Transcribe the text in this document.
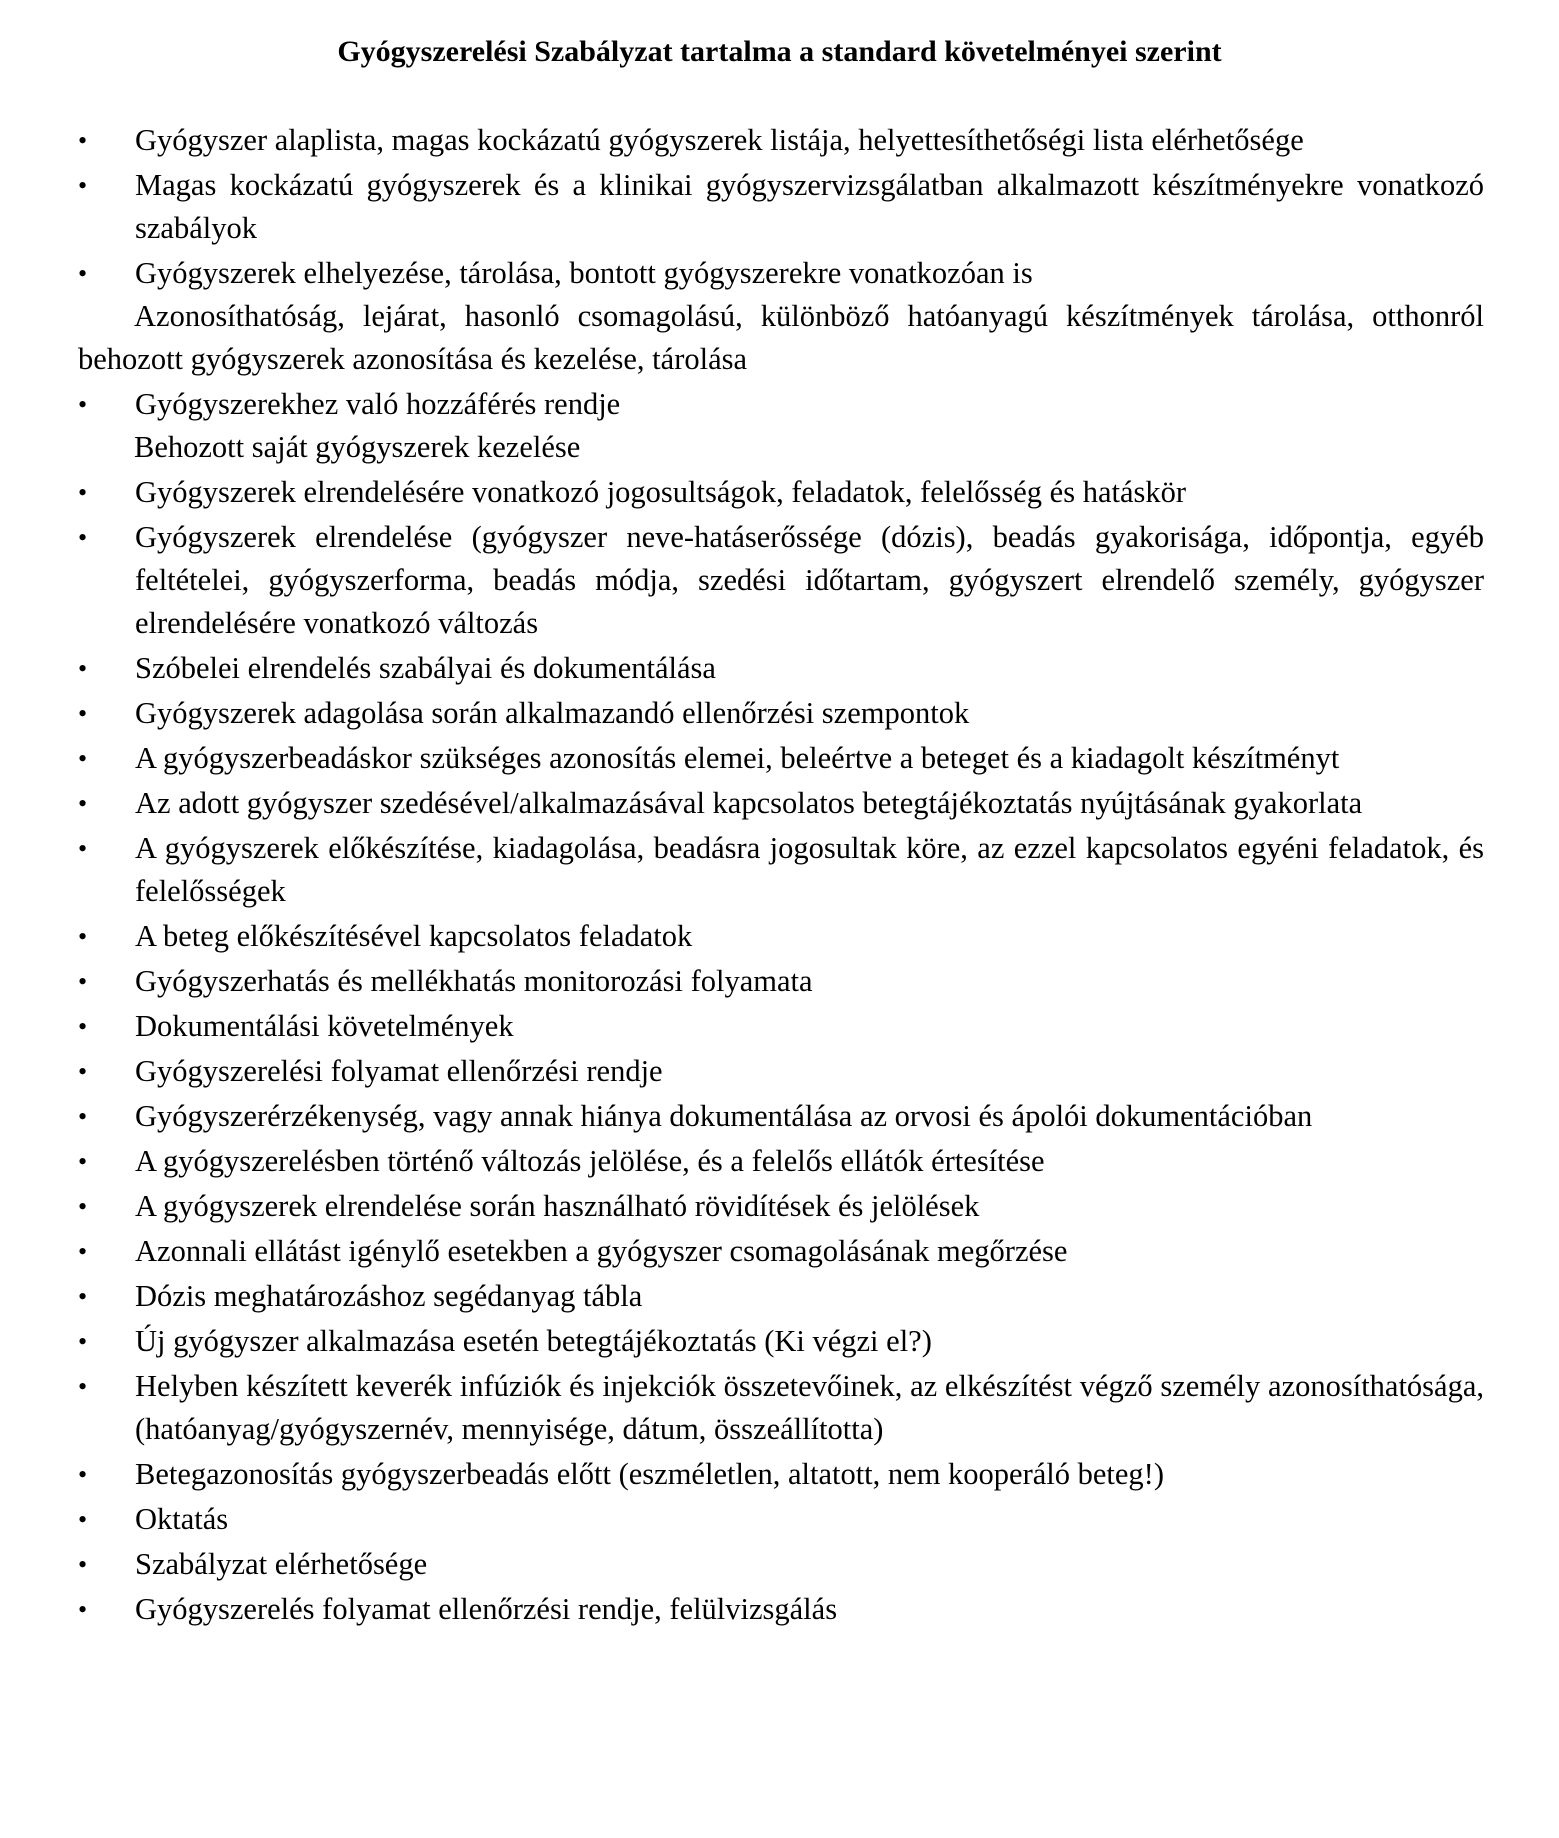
Gyógyszerelési Szabályzat tartalma a standard követelményei szerint
•	Gyógyszer alaplista, magas kockázatú gyógyszerek listája, helyettesíthetőségi lista elérhetősége
•	Magas kockázatú gyógyszerek és a klinikai gyógyszervizsgálatban alkalmazott készítményekre vonatkozó szabályok
•	Gyógyszerek elhelyezése, tárolása, bontott gyógyszerekre vonatkozóan is
Azonosíthatóság, lejárat, hasonló csomagolású, különböző hatóanyagú készítmények tárolása, otthonról behozott gyógyszerek azonosítása és kezelése, tárolása
•	Gyógyszerekhez való hozzáférés rendje
Behozott saját gyógyszerek kezelése
•	Gyógyszerek elrendelésére vonatkozó jogosultságok, feladatok, felelősség és hatáskör
•	Gyógyszerek elrendelése (gyógyszer neve-hatáserőssége (dózis), beadás gyakorisága, időpontja, egyéb feltételei, gyógyszerforma, beadás módja, szedési időtartam, gyógyszert elrendelő személy, gyógyszer elrendelésére vonatkozó változás
•	Szóbelei elrendelés szabályai és dokumentálása
•	Gyógyszerek adagolása során alkalmazandó ellenőrzési szempontok
•	A gyógyszerbeadáskor szükséges azonosítás elemei, beleértve a beteget és a kiadagolt készítményt
•	Az adott gyógyszer szedésével/alkalmazásával kapcsolatos betegtájékoztatás nyújtásának gyakorlata
•	A gyógyszerek előkészítése, kiadagolása, beadásra jogosultak köre, az ezzel kapcsolatos egyéni feladatok, és felelősségek
•	A beteg előkészítésével kapcsolatos feladatok
•	Gyógyszerhatás és mellékhatás monitorozási folyamata
•	Dokumentálási követelmények
•	Gyógyszerelési folyamat ellenőrzési rendje
•	Gyógyszerérzékenység, vagy annak hiánya dokumentálása az orvosi és ápolói dokumentációban
•	A gyógyszerelésben történő változás jelölése, és a felelős ellátók értesítése
•	A gyógyszerek elrendelése során használható rövidítések és jelölések
•	Azonnali ellátást igénylő esetekben a gyógyszer csomagolásának megőrzése
•	Dózis meghatározáshoz segédanyag tábla
•	Új gyógyszer alkalmazása esetén betegtájékoztatás (Ki végzi el?)
•	Helyben készített keverék infúziók és injekciók összetevőinek, az elkészítést végző személy azonosíthatósága, (hatóanyag/gyógyszernév, mennyisége, dátum, összeállította)
•	Betegazonosítás gyógyszerbeadás előtt (eszméletlen, altatott, nem kooperáló beteg!)
•	Oktatás
•	Szabályzat elérhetősége
•	Gyógyszerelés folyamat ellenőrzési rendje, felülvizsgálás
